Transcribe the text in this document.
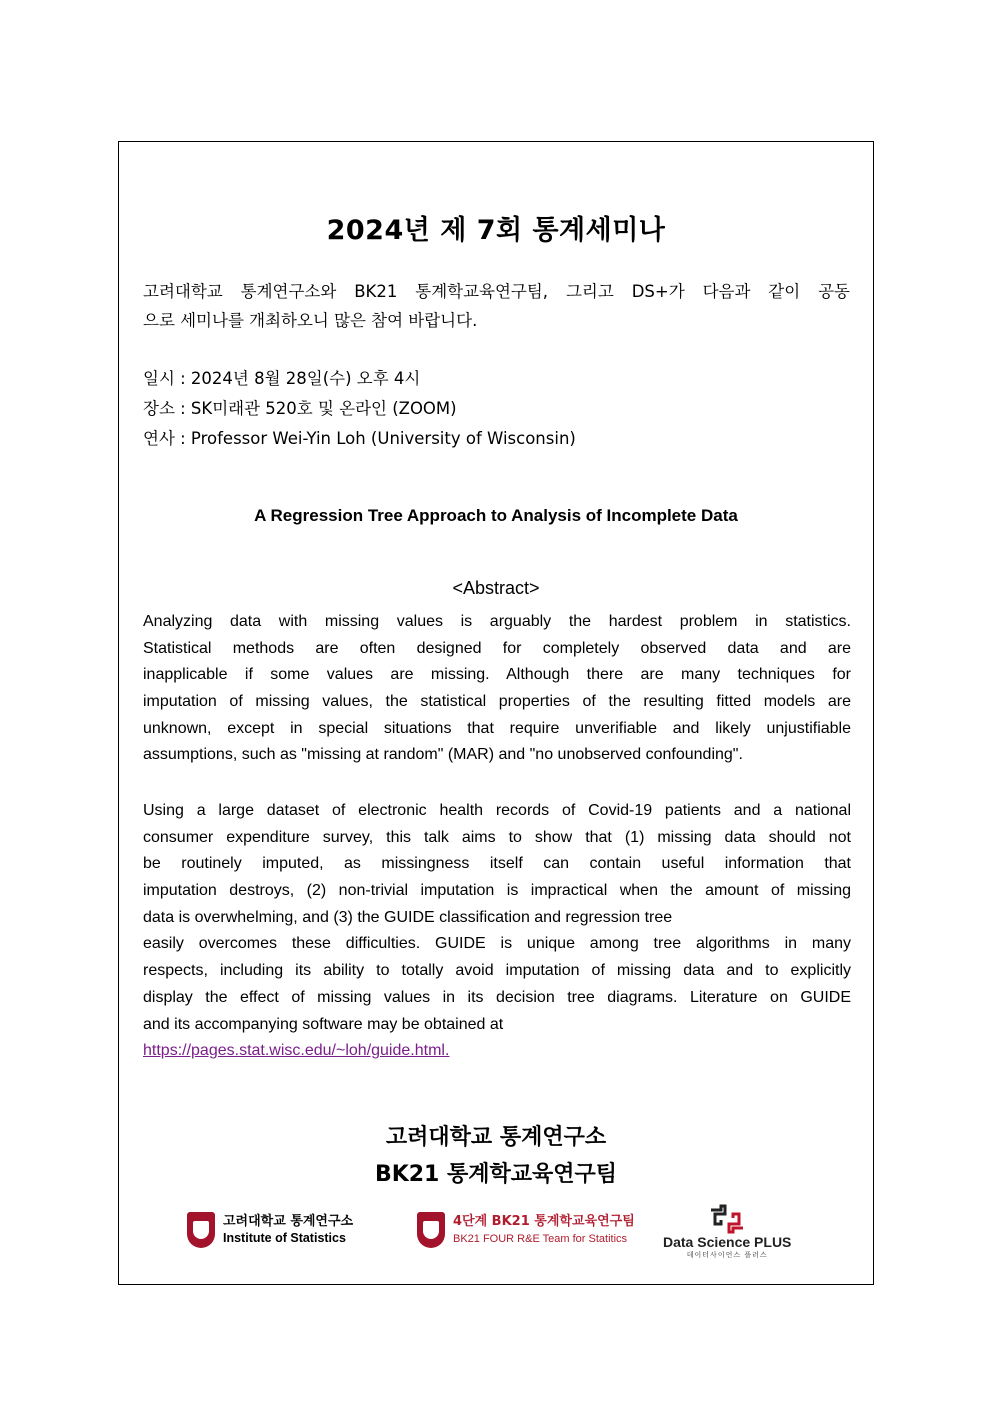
2024년 제 7회 통계세미나
고려대학교 통계연구소와 BK21 통계학교육연구팀, 그리고 DS+가 다음과 같이 공동
으로 세미나를 개최하오니 많은 참여 바랍니다.
일시 : 2024년 8월 28일(수) 오후 4시
장소 : SK미래관 520호 및 온라인 (ZOOM)
연사 : Professor Wei-Yin Loh (University of Wisconsin)
A Regression Tree Approach to Analysis of Incomplete Data
<Abstract>
Analyzing data with missing values is arguably the hardest problem in statistics.
Statistical methods are often designed for completely observed data and are
inapplicable if some values are missing. Although there are many techniques for
imputation of missing values, the statistical properties of the resulting fitted models are
unknown, except in special situations that require unverifiable and likely unjustifiable
assumptions, such as "missing at random" (MAR) and "no unobserved confounding".
Using a large dataset of electronic health records of Covid-19 patients and a national
consumer expenditure survey, this talk aims to show that (1) missing data should not
be routinely imputed, as missingness itself can contain useful information that
imputation destroys, (2) non-trivial imputation is impractical when the amount of missing
data is overwhelming, and (3) the GUIDE classification and regression tree
easily overcomes these difficulties. GUIDE is unique among tree algorithms in many
respects, including its ability to totally avoid imputation of missing data and to explicitly
display the effect of missing values in its decision tree diagrams. Literature on GUIDE
and its accompanying software may be obtained at
https://pages.stat.wisc.edu/~loh/guide.html.
고려대학교 통계연구소
BK21 통계학교육연구팀
고려대학교 통계연구소
Institute of Statistics
4단계 BK21 통계학교육연구팀
BK21 FOUR R&E Team for Statitics	Data Science PLUS
데이터사이언스 플러스
